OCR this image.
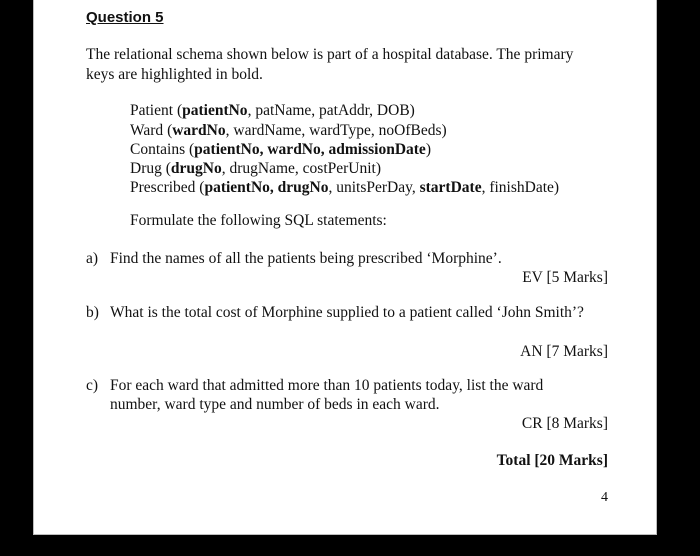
Question 5
The relational schema shown below is part of a hospital database. The primary
keys are highlighted in bold.
Patient (patientNo, patName, patAddr, DOB)
Ward (wardNo, wardName, wardType, noOfBeds)
Contains (patientNo, wardNo, admissionDate)
Drug (drugNo, drugName, costPerUnit)
Prescribed (patientNo, drugNo, unitsPerDay, startDate, finishDate)
Formulate the following SQL statements:
a) Find the names of all the patients being prescribed ‘Morphine’.
EV [5 Marks]
b) What is the total cost of Morphine supplied to a patient called ‘John Smith’?
AN [7 Marks]
c) For each ward that admitted more than 10 patients today, list the ward
number, ward type and number of beds in each ward.
CR [8 Marks]
Total [20 Marks]
4
